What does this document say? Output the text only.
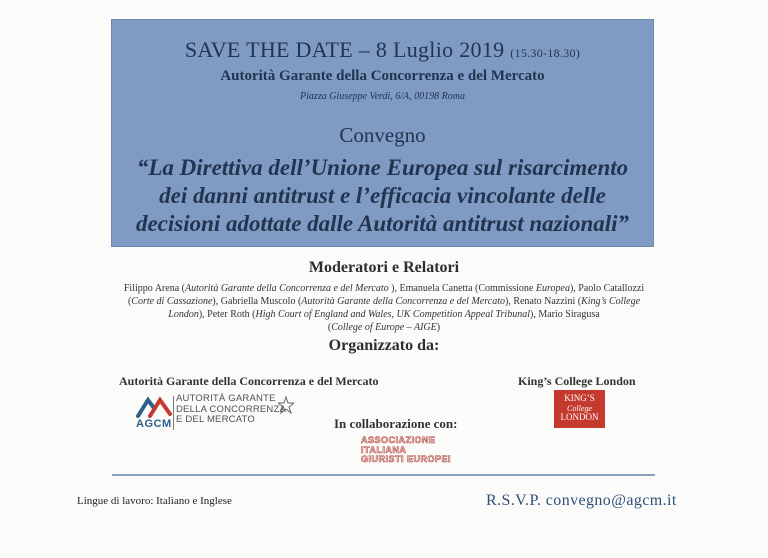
SAVE THE DATE – 8 Luglio 2019 (15.30-18.30)
Autorità Garante della Concorrenza e del Mercato
Piazza Giuseppe Verdi, 6/A, 00198 Roma
Convegno
“La Direttiva dell’Unione Europea sul risarcimento
dei danni antitrust e l’efficacia vincolante delle
decisioni adottate dalle Autorità antitrust nazionali”
Moderatori e Relatori
Filippo Arena (Autorità Garante della Concorrenza e del Mercato ), Emanuela Canetta (Commissione Europea), Paolo Catallozzi (Corte di Cassazione), Gabriella Muscolo (Autorità Garante della Concorrenza e del Mercato), Renato Nazzini (King’s College London), Peter Roth (High Court of England and Wales, UK Competition Appeal Tribunal), Mario Siragusa
(College of Europe – AIGE)
Organizzato da:
Autorità Garante della Concorrenza e del Mercato	King’s College London
AGCM
AUTORITÀ GARANTE
DELLA CONCORRENZA
E DEL MERCATO
KING’S
College
LONDON
In collaborazione con:
ASSOCIAZIONE
ITALIANA
GIURISTI EUROPEI
Lingue di lavoro: Italiano e Inglese	R.S.V.P. convegno@agcm.it
